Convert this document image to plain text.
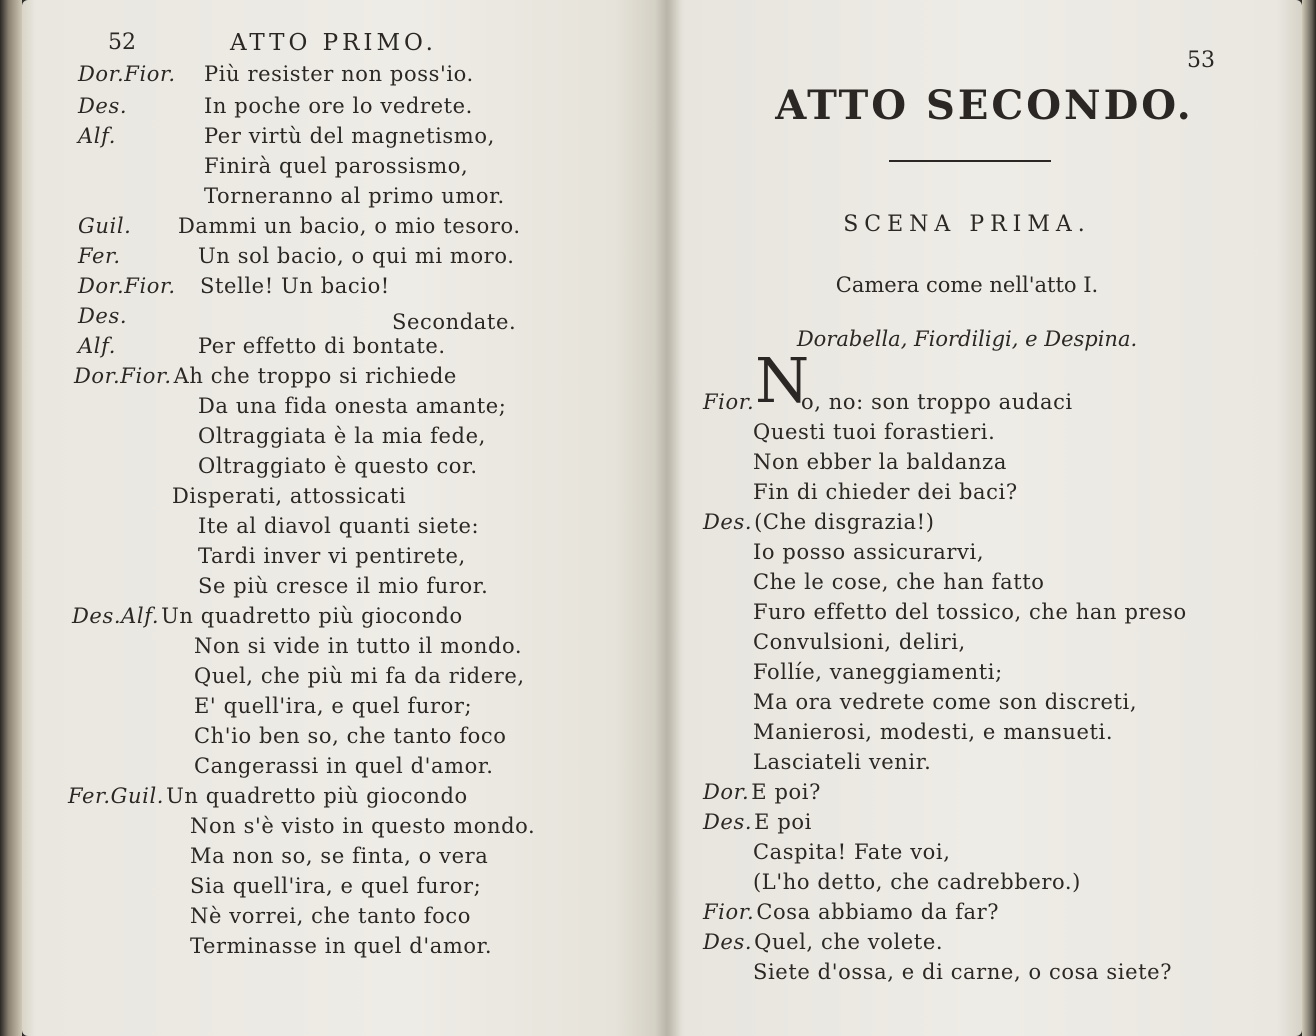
52	ATTO PRIMO.
Dor.Fior. Più resister non poss'io.
Des.	In poche ore lo vedrete.
Alf.	Per virtù del magnetismo,
Finirà quel parossismo,
Torneranno al primo umor.
Guil. Dammi un bacio, o mio tesoro.
Fer.	Un sol bacio, o qui mi moro.
Dor.Fior. Stelle! Un bacio!
Des.	Secondate.
Alf.	Per effetto di bontate.
Dor.Fior.Ah che troppo si richiede
Da una fida onesta amante;
Oltraggiata è la mia fede,
Oltraggiato è questo cor.
Disperati, attossicati
Ite al diavol quanti siete:
Tardi inver vi pentirete,
Se più cresce il mio furor.
Des.Alf.Un quadretto più giocondo
Non si vide in tutto il mondo.
Quel, che più mi fa da ridere,
E' quell'ira, e quel furor;
Ch'io ben so, che tanto foco
Cangerassi in quel d'amor.
Fer.Guil.Un quadretto più giocondo
Non s'è visto in questo mondo.
Ma non so, se finta, o vera
Sia quell'ira, e quel furor;
Nè vorrei, che tanto foco
Terminasse in quel d'amor.
53
ATTO SECONDO.
SCENA PRIMA.
Camera come nell'atto I.
Dorabella, Fiordiligi, e Despina.
N
Fior. o, no: son troppo audaci
Questi tuoi forastieri.
Non ebber la baldanza
Fin di chieder dei baci?
Des.(Che disgrazia!)
Io posso assicurarvi,
Che le cose, che han fatto
Furo effetto del tossico, che han preso
Convulsioni, deliri,
Follíe, vaneggiamenti;
Ma ora vedrete come son discreti,
Manierosi, modesti, e mansueti.
Lasciateli venir.
Dor.E poi?
Des.E poi
Caspita! Fate voi,
(L'ho detto, che cadrebbero.)
Fior.Cosa abbiamo da far?
Des.Quel, che volete.
Siete d'ossa, e di carne, o cosa siete?
